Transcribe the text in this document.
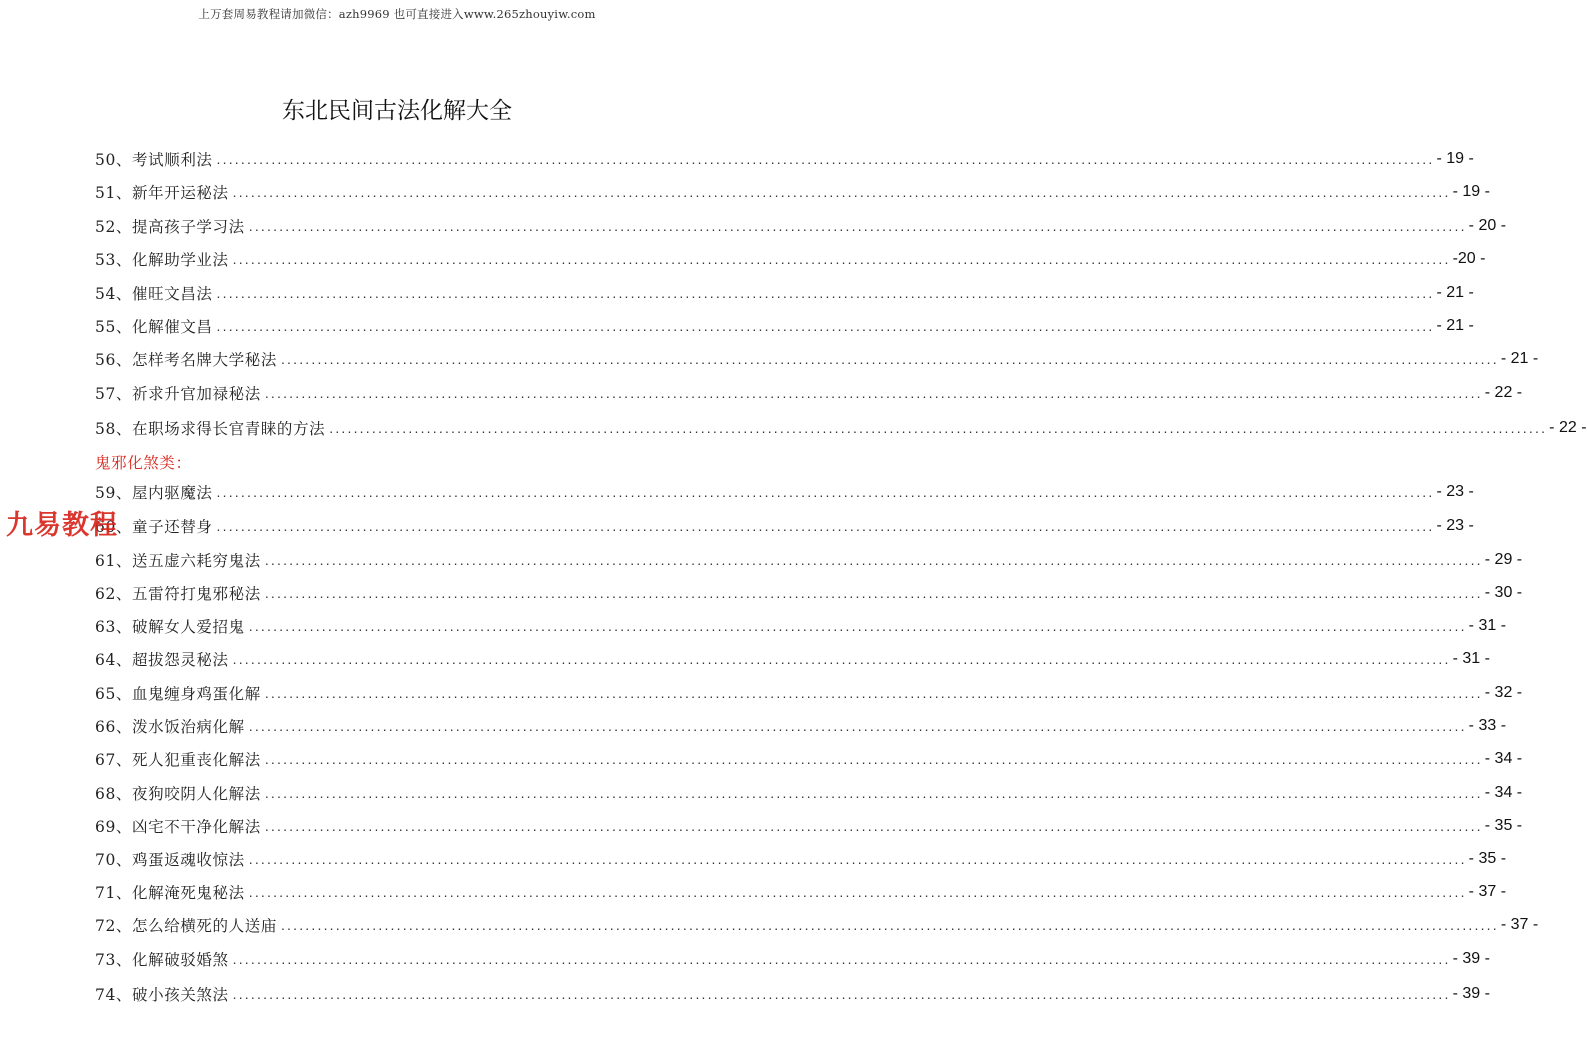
上万套周易教程请加微信：azh9969 也可直接进入www.265zhouyiw.com
东北民间古法化解大全
鬼邪化煞类：
50、考试顺利法 ........................................................................................................................................................................................................ - 19 -
51、新年开运秘法 ........................................................................................................................................................................................................ - 19 -
52、提高孩子学习法 ........................................................................................................................................................................................................ - 20 -
53、化解助学业法 ........................................................................................................................................................................................................ -20 -
54、催旺文昌法 ........................................................................................................................................................................................................ - 21 -
55、化解催文昌 ........................................................................................................................................................................................................ - 21 -
56、怎样考名牌大学秘法 ........................................................................................................................................................................................................ - 21 -
57、祈求升官加禄秘法 ........................................................................................................................................................................................................ - 22 -
58、在职场求得长官青睐的方法 ........................................................................................................................................................................................................ - 22 -
59、屋内驱魔法 ........................................................................................................................................................................................................ - 23 -
60、童子还替身 ........................................................................................................................................................................................................ - 23 -
61、送五虚六耗穷鬼法 ........................................................................................................................................................................................................ - 29 -
62、五雷符打鬼邪秘法 ........................................................................................................................................................................................................ - 30 -
63、破解女人爱招鬼 ........................................................................................................................................................................................................ - 31 -
64、超拔怨灵秘法 ........................................................................................................................................................................................................ - 31 -
65、血鬼缠身鸡蛋化解 ........................................................................................................................................................................................................ - 32 -
66、泼水饭治病化解 ........................................................................................................................................................................................................ - 33 -
67、死人犯重丧化解法 ........................................................................................................................................................................................................ - 34 -
68、夜狗咬阴人化解法 ........................................................................................................................................................................................................ - 34 -
69、凶宅不干净化解法 ........................................................................................................................................................................................................ - 35 -
70、鸡蛋返魂收惊法 ........................................................................................................................................................................................................ - 35 -
71、化解淹死鬼秘法 ........................................................................................................................................................................................................ - 37 -
72、怎么给横死的人送庙 ........................................................................................................................................................................................................ - 37 -
73、化解破驳婚煞 ........................................................................................................................................................................................................ - 39 -
74、破小孩关煞法 ........................................................................................................................................................................................................ - 39 -
九易教程
